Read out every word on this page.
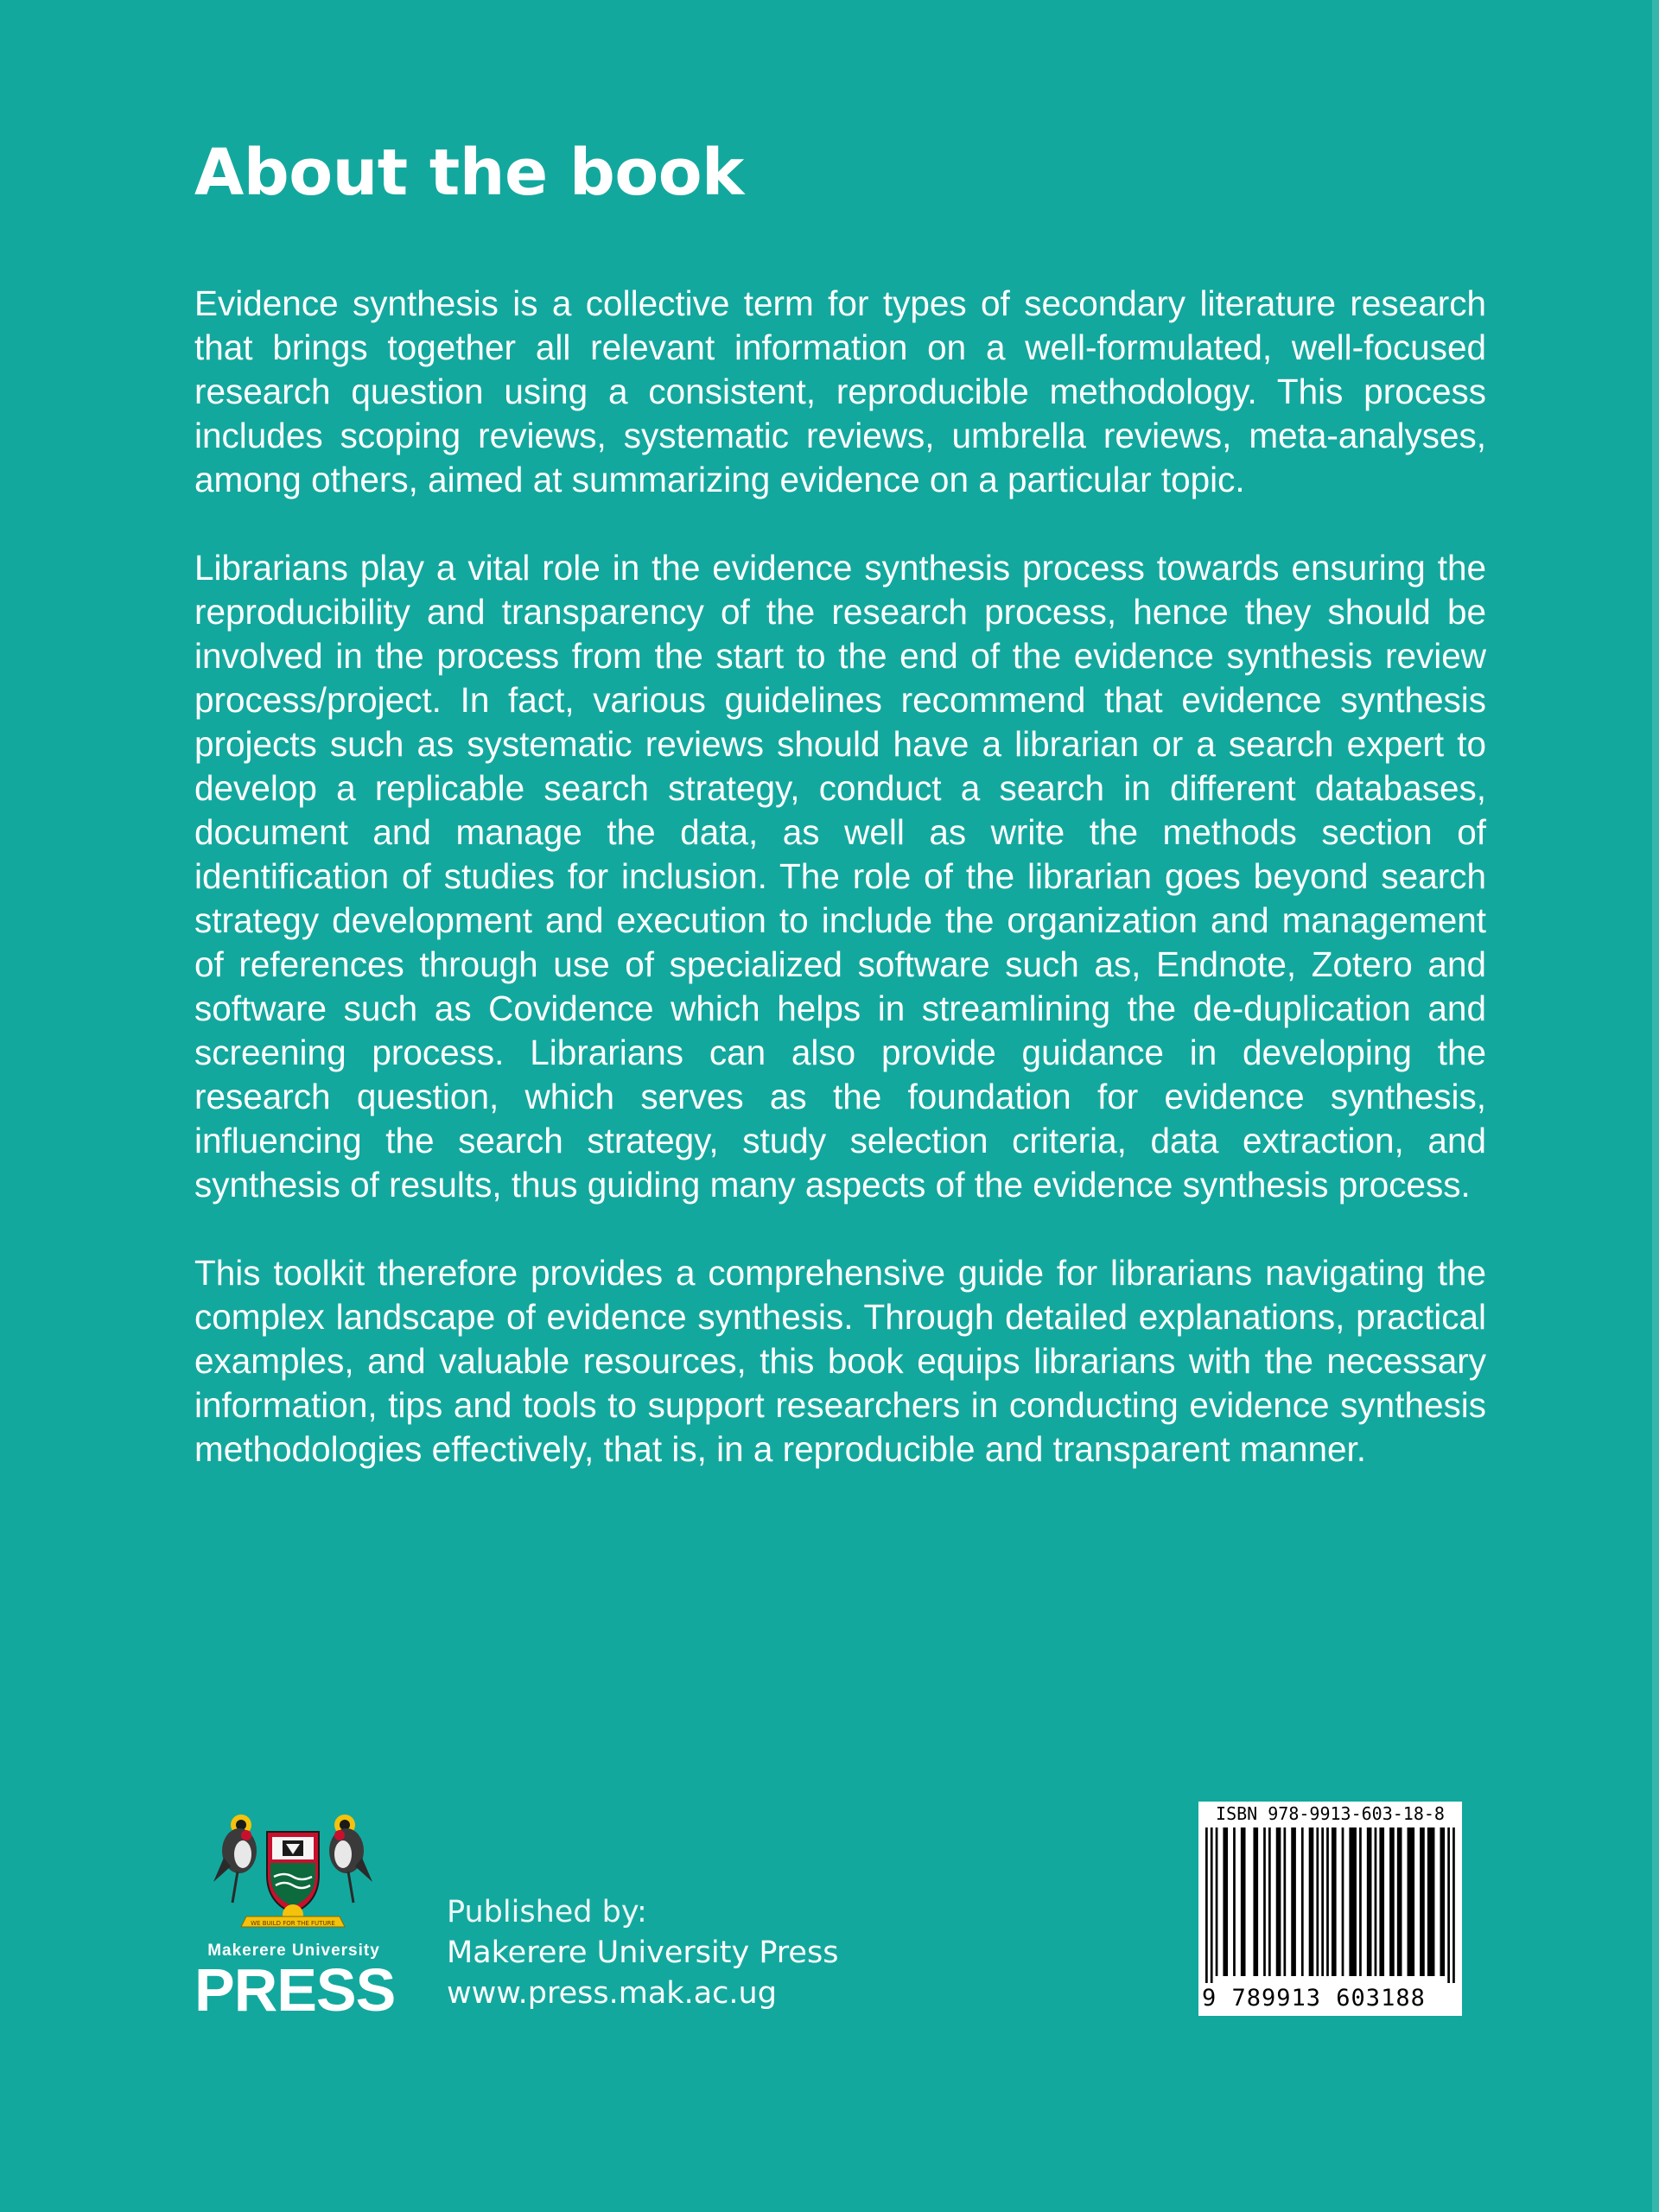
About the book

Evidence synthesis is a collective term for types of secondary literature research that brings together all relevant information on a well-formulated, well-focused research question using a consistent, reproducible methodology. This process includes scoping reviews, systematic reviews, umbrella reviews, meta-analyses, among others, aimed at summarizing evidence on a particular topic.

Librarians play a vital role in the evidence synthesis process towards ensuring the reproducibility and transparency of the research process, hence they should be involved in the process from the start to the end of the evidence synthesis review process/project. In fact, various guidelines recommend that evidence synthesis projects such as systematic reviews should have a librarian or a search expert to develop a replicable search strategy, conduct a search in different databases, document and manage the data, as well as write the methods section of identification of studies for inclusion. The role of the librarian goes beyond search strategy development and execution to include the organization and management of references through use of specialized software such as, Endnote, Zotero and software such as Covidence which helps in streamlining the de-duplication and screening process. Librarians can also provide guidance in developing the research question, which serves as the foundation for evidence synthesis, influencing the search strategy, study selection criteria, data extraction, and synthesis of results, thus guiding many aspects of the evidence synthesis process.

This toolkit therefore provides a comprehensive guide for librarians navigating the complex landscape of evidence synthesis. Through detailed explanations, practical examples, and valuable resources, this book equips librarians with the necessary information, tips and tools to support researchers in conducting evidence synthesis methodologies effectively, that is, in a reproducible and transparent manner.

WE BUILD FOR THE FUTURE
Makerere University
PRESS
Published by:
Makerere University Press
www.press.mak.ac.ug
ISBN 978-9913-603-18-8
9 789913 603188
